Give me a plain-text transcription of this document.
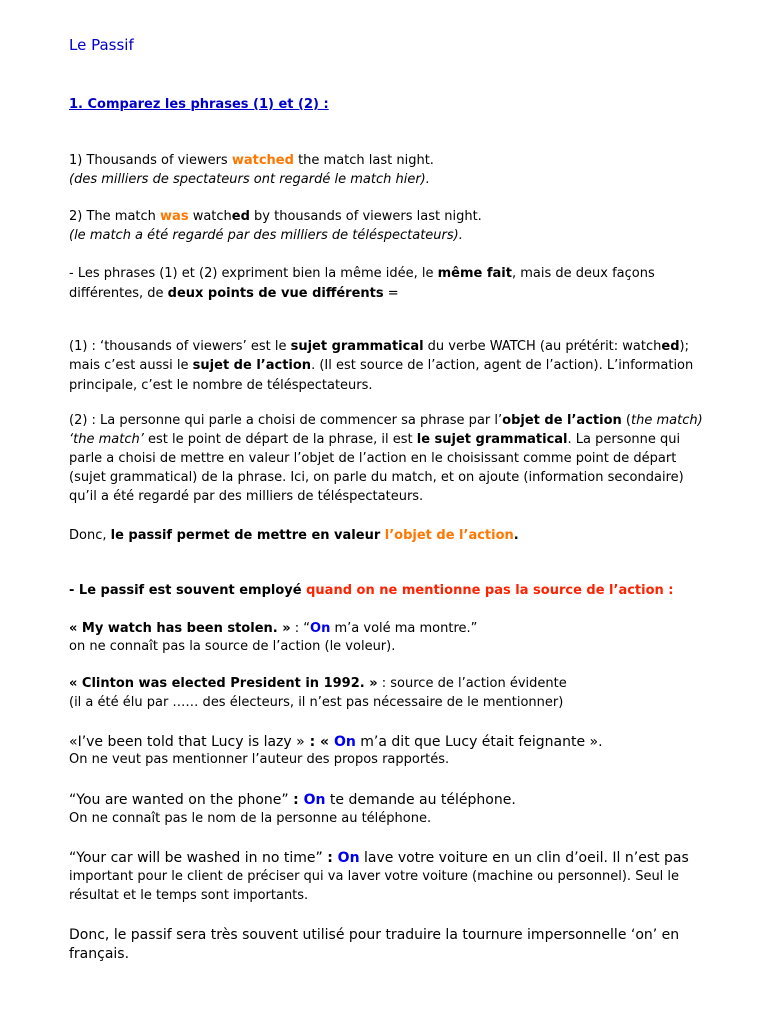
Le Passif
1. Comparez les phrases (1) et (2) :
1) Thousands of viewers watched the match last night.
(des milliers de spectateurs ont regardé le match hier).
2) The match was watched by thousands of viewers last night.
(le match a été regardé par des milliers de téléspectateurs).
- Les phrases (1) et (2) expriment bien la même idée, le même fait, mais de deux façons
différentes, de deux points de vue différents =
(1) : ‘thousands of viewers’ est le sujet grammatical du verbe WATCH (au prétérit: watched);
mais c’est aussi le sujet de l’action. (Il est source de l’action, agent de l’action). L’information
principale, c’est le nombre de téléspectateurs.
(2) : La personne qui parle a choisi de commencer sa phrase par l’objet de l’action (the match)
‘the match’ est le point de départ de la phrase, il est le sujet grammatical. La personne qui
parle a choisi de mettre en valeur l’objet de l’action en le choisissant comme point de départ
(sujet grammatical) de la phrase. Ici, on parle du match, et on ajoute (information secondaire)
qu’il a été regardé par des milliers de téléspectateurs.
Donc, le passif permet de mettre en valeur l’objet de l’action.
- Le passif est souvent employé quand on ne mentionne pas la source de l’action :
« My watch has been stolen. » : “On m’a volé ma montre.”
on ne connaît pas la source de l’action (le voleur).
« Clinton was elected President in 1992. » : source de l’action évidente
(il a été élu par …… des électeurs, il n’est pas nécessaire de le mentionner)
«I’ve been told that Lucy is lazy » : « On m’a dit que Lucy était feignante ».
On ne veut pas mentionner l’auteur des propos rapportés.
“You are wanted on the phone” : On te demande au téléphone.
On ne connaît pas le nom de la personne au téléphone.
“Your car will be washed in no time” : On lave votre voiture en un clin d’oeil. Il n’est pas
important pour le client de préciser qui va laver votre voiture (machine ou personnel). Seul le
résultat et le temps sont importants.
Donc, le passif sera très souvent utilisé pour traduire la tournure impersonnelle ‘on’ en
français.
